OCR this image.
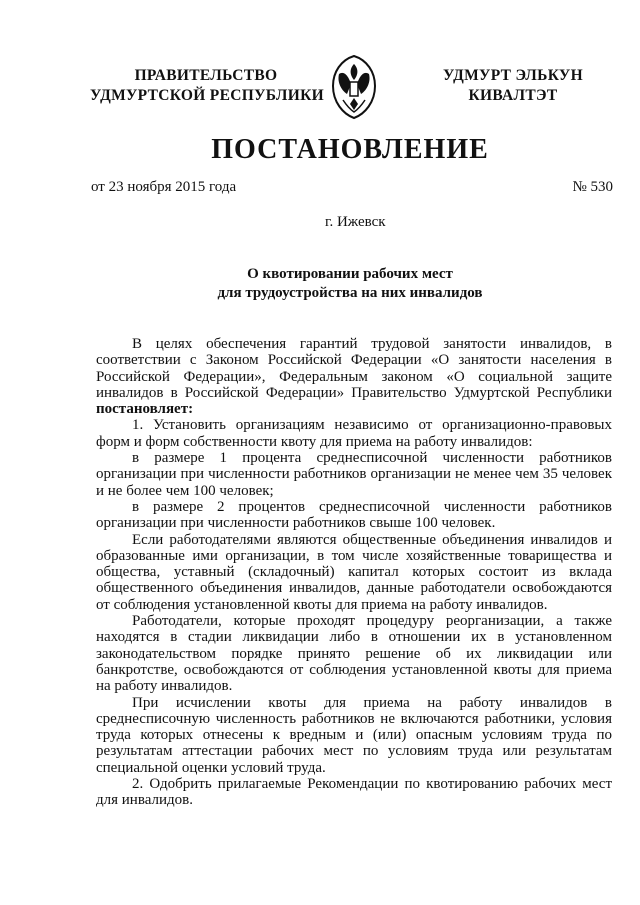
ПРАВИТЕЛЬСТВО
УДМУРТСКОЙ РЕСПУБЛИКИ
УДМУРТ ЭЛЬКУН
КИВАЛТЭТ
ПОСТАНОВЛЕНИЕ
от 23 ноября 2015 года	№ 530
г. Ижевск
О квотировании рабочих мест
для трудоустройства на них инвалидов

В целях обеспечения гарантий трудовой занятости инвалидов, в соответствии с Законом Российской Федерации «О занятости населения в Российской Федерации», Федеральным законом «О социальной защите инвалидов в Российской Федерации» Правительство Удмуртской Республики постановляет:

1. Установить организациям независимо от организационно-правовых форм и форм собственности квоту для приема на работу инвалидов:

в размере 1 процента среднесписочной численности работников организации при численности работников организации не менее чем 35 человек и не более чем 100 человек;

в размере 2 процентов среднесписочной численности работников организации при численности работников свыше 100 человек.

Если работодателями являются общественные объединения инвалидов и образованные ими организации, в том числе хозяйственные товарищества и общества, уставный (складочный) капитал которых состоит из вклада общественного объединения инвалидов, данные работодатели освобождаются от соблюдения установленной квоты для приема на работу инвалидов.

Работодатели, которые проходят процедуру реорганизации, а также находятся в стадии ликвидации либо в отношении их в установленном законодательством порядке принято решение об их ликвидации или банкротстве, освобождаются от соблюдения установленной квоты для приема на работу инвалидов.

При исчислении квоты для приема на работу инвалидов в среднесписочную численность работников не включаются работники, условия труда которых отнесены к вредным и (или) опасным условиям труда по результатам аттестации рабочих мест по условиям труда или результатам специальной оценки условий труда.

2. Одобрить прилагаемые Рекомендации по квотированию рабочих мест для инвалидов.
